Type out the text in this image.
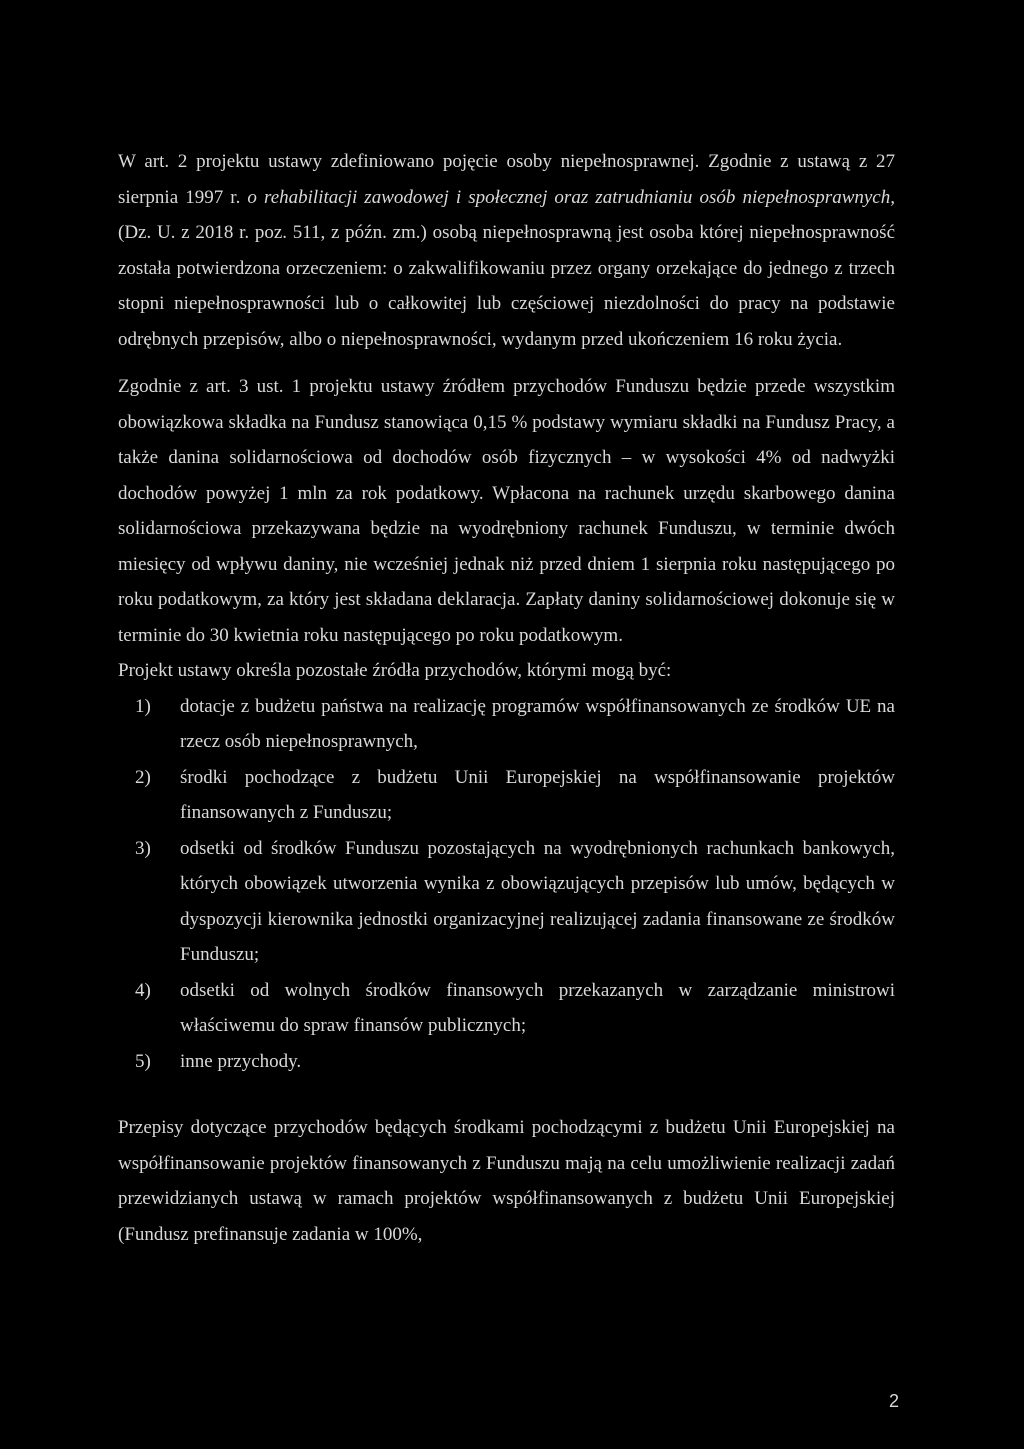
W art. 2 projektu ustawy zdefiniowano pojęcie osoby niepełnosprawnej. Zgodnie z ustawą z 27 sierpnia 1997 r. o rehabilitacji zawodowej i społecznej oraz zatrudnianiu osób niepełnosprawnych, (Dz. U. z 2018 r. poz. 511, z późn. zm.) osobą niepełnosprawną jest osoba której niepełnosprawność została potwierdzona orzeczeniem: o zakwalifikowaniu przez organy orzekające do jednego z trzech stopni niepełnosprawności lub o całkowitej lub częściowej niezdolności do pracy na podstawie odrębnych przepisów, albo o niepełnosprawności, wydanym przed ukończeniem 16 roku życia.

Zgodnie z art. 3 ust. 1 projektu ustawy źródłem przychodów Funduszu będzie przede wszystkim obowiązkowa składka na Fundusz stanowiąca 0,15 % podstawy wymiaru składki na Fundusz Pracy, a także danina solidarnościowa od dochodów osób fizycznych – w wysokości 4% od nadwyżki dochodów powyżej 1 mln za rok podatkowy. Wpłacona na rachunek urzędu skarbowego danina solidarnościowa przekazywana będzie na wyodrębniony rachunek Funduszu, w terminie dwóch miesięcy od wpływu daniny, nie wcześniej jednak niż przed dniem 1 sierpnia roku następującego po roku podatkowym, za który jest składana deklaracja. Zapłaty daniny solidarnościowej dokonuje się w terminie do 30 kwietnia roku następującego po roku podatkowym.

Projekt ustawy określa pozostałe źródła przychodów, którymi mogą być:

1)	dotacje z budżetu państwa na realizację programów współfinansowanych ze środków UE na rzecz osób niepełnosprawnych,
2)	środki pochodzące z budżetu Unii Europejskiej na współfinansowanie projektów finansowanych z Funduszu;
3)	odsetki od środków Funduszu pozostających na wyodrębnionych rachunkach bankowych, których obowiązek utworzenia wynika z obowiązujących przepisów lub umów, będących w dyspozycji kierownika jednostki organizacyjnej realizującej zadania finansowane ze środków Funduszu;
4)	odsetki od wolnych środków finansowych przekazanych w zarządzanie ministrowi właściwemu do spraw finansów publicznych;
5)	inne przychody.

Przepisy dotyczące przychodów będących środkami pochodzącymi z budżetu Unii Europejskiej na współfinansowanie projektów finansowanych z Funduszu mają na celu umożliwienie realizacji zadań przewidzianych ustawą w ramach projektów współfinansowanych z budżetu Unii Europejskiej (Fundusz prefinansuje zadania w 100%,

2
